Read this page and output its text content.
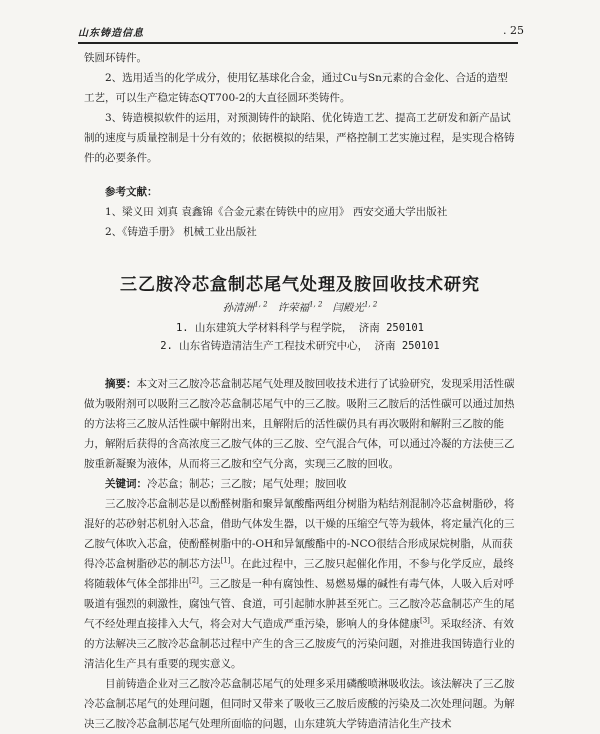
山东铸造信息	. 25
铁圆环铸件。
2、选用适当的化学成分，使用钇基球化合金，通过Cu与Sn元素的合金化、合适的造型工艺，可以生产稳定铸态QT700-2的大直径圆环类铸件。
3、铸造模拟软件的运用，对预測铸件的缺陷、优化铸造工艺、提高工艺研发和新产品试制的速度与质量控制是十分有效的；依据模拟的结果，严格控制工艺实施过程，是实现合格铸件的必要条件。
参考文献：
1、梁义田 刘真 袁鑫锦《合金元素在铸铁中的应用》 西安交通大学出版社
2、《铸造手册》 机械工业出版社
三乙胺冷芯盒制芯尾气处理及胺回收技术研究
孙清洲$^{1, 2}$ 许荣福$^{1, 2}$ 闫殿光$^{1, 2}$
1. 山东建筑大学材料科学与程学院， 济南 250101
2. 山东省铸造清洁生产工程技术研究中心， 济南 250101
摘要：本文对三乙胺冷芯盒制芯尾气处理及胺回收技术进行了试验研究，发现采用活性碳做为吸附剂可以吸附三乙胺冷芯盒制芯尾气中的三乙胺。吸附三乙胺后的活性碳可以通过加热的方法将三乙胺从活性碳中解附出来，且解附后的活性碳仍具有再次吸附和解附三乙胺的能力，解附后获得的含高浓度三乙胺气体的三乙胺、空气混合气体，可以通过冷凝的方法使三乙胺重新凝聚为液体，从而将三乙胺和空气分离，实现三乙胺的回收。
关键词：冷芯盒；制芯；三乙胺；尾气处理；胺回收
三乙胺冷芯盒制芯是以酚醛树脂和聚异氰酸酯两组分树脂为粘结剂混制冷芯盒树脂砂，将混好的芯砂射芯机射入芯盒，借助气体发生器，以干燥的压缩空气等为载体，将定量汽化的三乙胺气体吹入芯盒，使酚醛树脂中的-OH和异氰酸酯中的-NCO很结合形成尿烷树脂，从而获得冷芯盒树脂砂芯的制芯方法[1]。在此过程中，三乙胺只起催化作用，不参与化学反应，最终将随载体气体全部排出[2]。三乙胺是一种有腐蚀性、易燃易爆的碱性有毒气体，人吸入后对呼吸道有强烈的刺激性，腐蚀气管、食道，可引起肺水肿甚至死亡。三乙胺冷芯盒制芯产生的尾气不经处理直接排入大气，将会对大气造成严重污染，影响人的身体健康[3]。采取经济、有效的方法解决三乙胺冷芯盒制芯过程中产生的含三乙胺废气的污染问题，对推进我国铸造行业的清洁化生产具有重要的现实意义。
目前铸造企业对三乙胺冷芯盒制芯尾气的处理多采用磷酸喷淋吸收法。该法解决了三乙胺冷芯盒制芯尾气的处理问题，但同时又带来了吸收三乙胺后废酸的污染及二次处理问题。为解决三乙胺冷芯盒制芯尾气处理所面临的问题，山东建筑大学铸造清洁化生产技术
